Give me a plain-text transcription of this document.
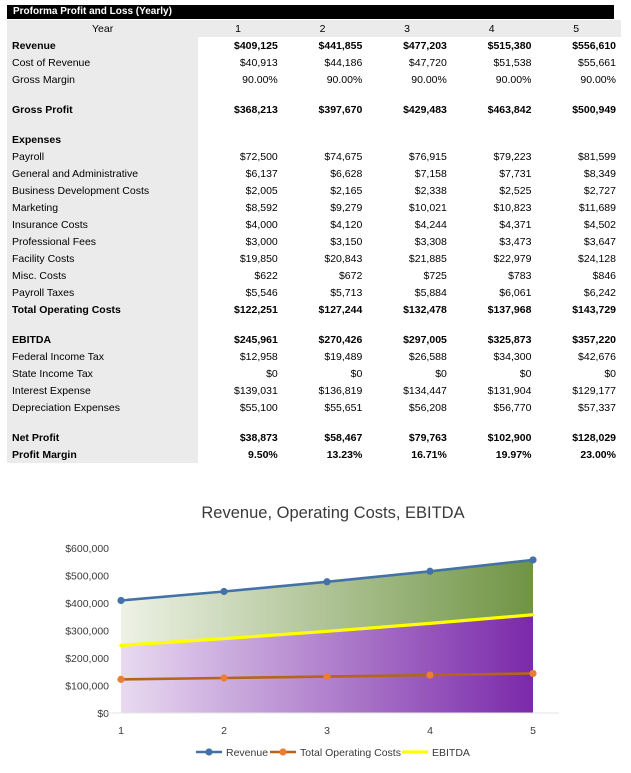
Proforma Profit and Loss (Yearly)
Year	1	2	3	4	5
Revenue	$409,125	$441,855	$477,203	$515,380	$556,610
Cost of Revenue	$40,913	$44,186	$47,720	$51,538	$55,661
Gross Margin	90.00%	90.00%	90.00%	90.00%	90.00%

Gross Profit	$368,213	$397,670	$429,483	$463,842	$500,949

Expenses					
Payroll	$72,500	$74,675	$76,915	$79,223	$81,599
General and Administrative	$6,137	$6,628	$7,158	$7,731	$8,349
Business Development Costs	$2,005	$2,165	$2,338	$2,525	$2,727
Marketing	$8,592	$9,279	$10,021	$10,823	$11,689
Insurance Costs	$4,000	$4,120	$4,244	$4,371	$4,502
Professional Fees	$3,000	$3,150	$3,308	$3,473	$3,647
Facility Costs	$19,850	$20,843	$21,885	$22,979	$24,128
Misc. Costs	$622	$672	$725	$783	$846
Payroll Taxes	$5,546	$5,713	$5,884	$6,061	$6,242
Total Operating Costs	$122,251	$127,244	$132,478	$137,968	$143,729

EBITDA	$245,961	$270,426	$297,005	$325,873	$357,220
Federal Income Tax	$12,958	$19,489	$26,588	$34,300	$42,676
State Income Tax	$0	$0	$0	$0	$0
Interest Expense	$139,031	$136,819	$134,447	$131,904	$129,177
Depreciation Expenses	$55,100	$55,651	$56,208	$56,770	$57,337

Net Profit	$38,873	$58,467	$79,763	$102,900	$128,029
Profit Margin	9.50%	13.23%	16.71%	19.97%	23.00%
Revenue, Operating Costs, EBITDA
$0
$100,000
$200,000
$300,000
$400,000
$500,000
$600,000
1	2	3	4	5
Revenue	Total Operating Costs	EBITDA
